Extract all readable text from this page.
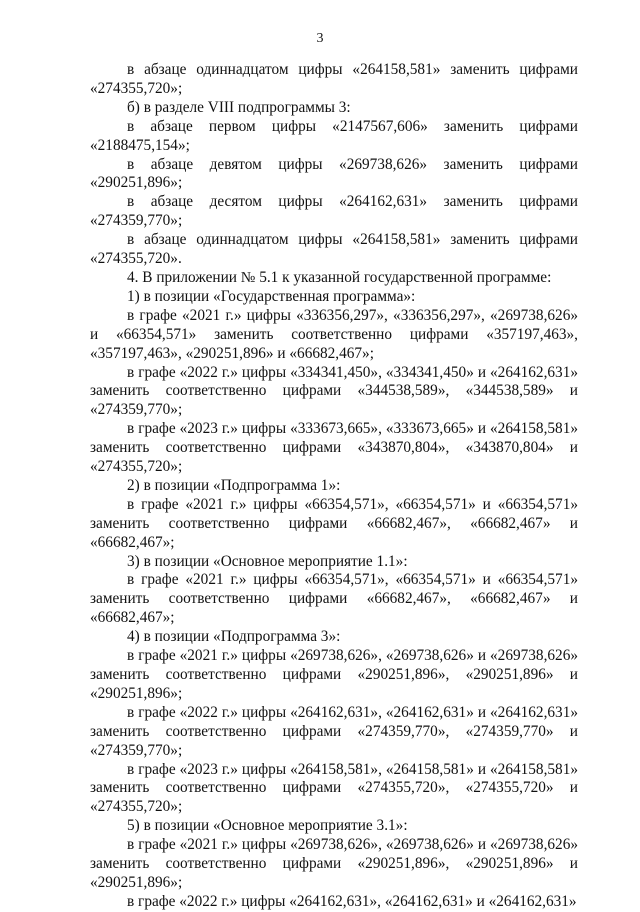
3

в абзаце одиннадцатом цифры «264158,581» заменить цифрами «274355,720»;

б) в разделе VIII подпрограммы 3:

в абзаце первом цифры «2147567,606» заменить цифрами «2188475,154»;

в абзаце девятом цифры «269738,626» заменить цифрами «290251,896»;

в абзаце десятом цифры «264162,631» заменить цифрами «274359,770»;

в абзаце одиннадцатом цифры «264158,581» заменить цифрами «274355,720».

4. В приложении № 5.1 к указанной государственной программе:

1) в позиции «Государственная программа»:

в графе «2021 г.» цифры «336356,297», «336356,297», «269738,626» и «66354,571» заменить соответственно цифрами «357197,463», «357197,463», «290251,896» и «66682,467»;

в графе «2022 г.» цифры «334341,450», «334341,450» и «264162,631» заменить соответственно цифрами «344538,589», «344538,589» и «274359,770»;

в графе «2023 г.» цифры «333673,665», «333673,665» и «264158,581» заменить соответственно цифрами «343870,804», «343870,804» и «274355,720»;

2) в позиции «Подпрограмма 1»:

в графе «2021 г.» цифры «66354,571», «66354,571» и «66354,571» заменить соответственно цифрами «66682,467», «66682,467» и «66682,467»;

3) в позиции «Основное мероприятие 1.1»:

в графе «2021 г.» цифры «66354,571», «66354,571» и «66354,571» заменить соответственно цифрами «66682,467», «66682,467» и «66682,467»;

4) в позиции «Подпрограмма 3»:

в графе «2021 г.» цифры «269738,626», «269738,626» и «269738,626» заменить соответственно цифрами «290251,896», «290251,896» и «290251,896»;

в графе «2022 г.» цифры «264162,631», «264162,631» и «264162,631» заменить соответственно цифрами «274359,770», «274359,770» и «274359,770»;

в графе «2023 г.» цифры «264158,581», «264158,581» и «264158,581» заменить соответственно цифрами «274355,720», «274355,720» и «274355,720»;

5) в позиции «Основное мероприятие 3.1»:

в графе «2021 г.» цифры «269738,626», «269738,626» и «269738,626» заменить соответственно цифрами «290251,896», «290251,896» и «290251,896»;

в графе «2022 г.» цифры «264162,631», «264162,631» и «264162,631»
